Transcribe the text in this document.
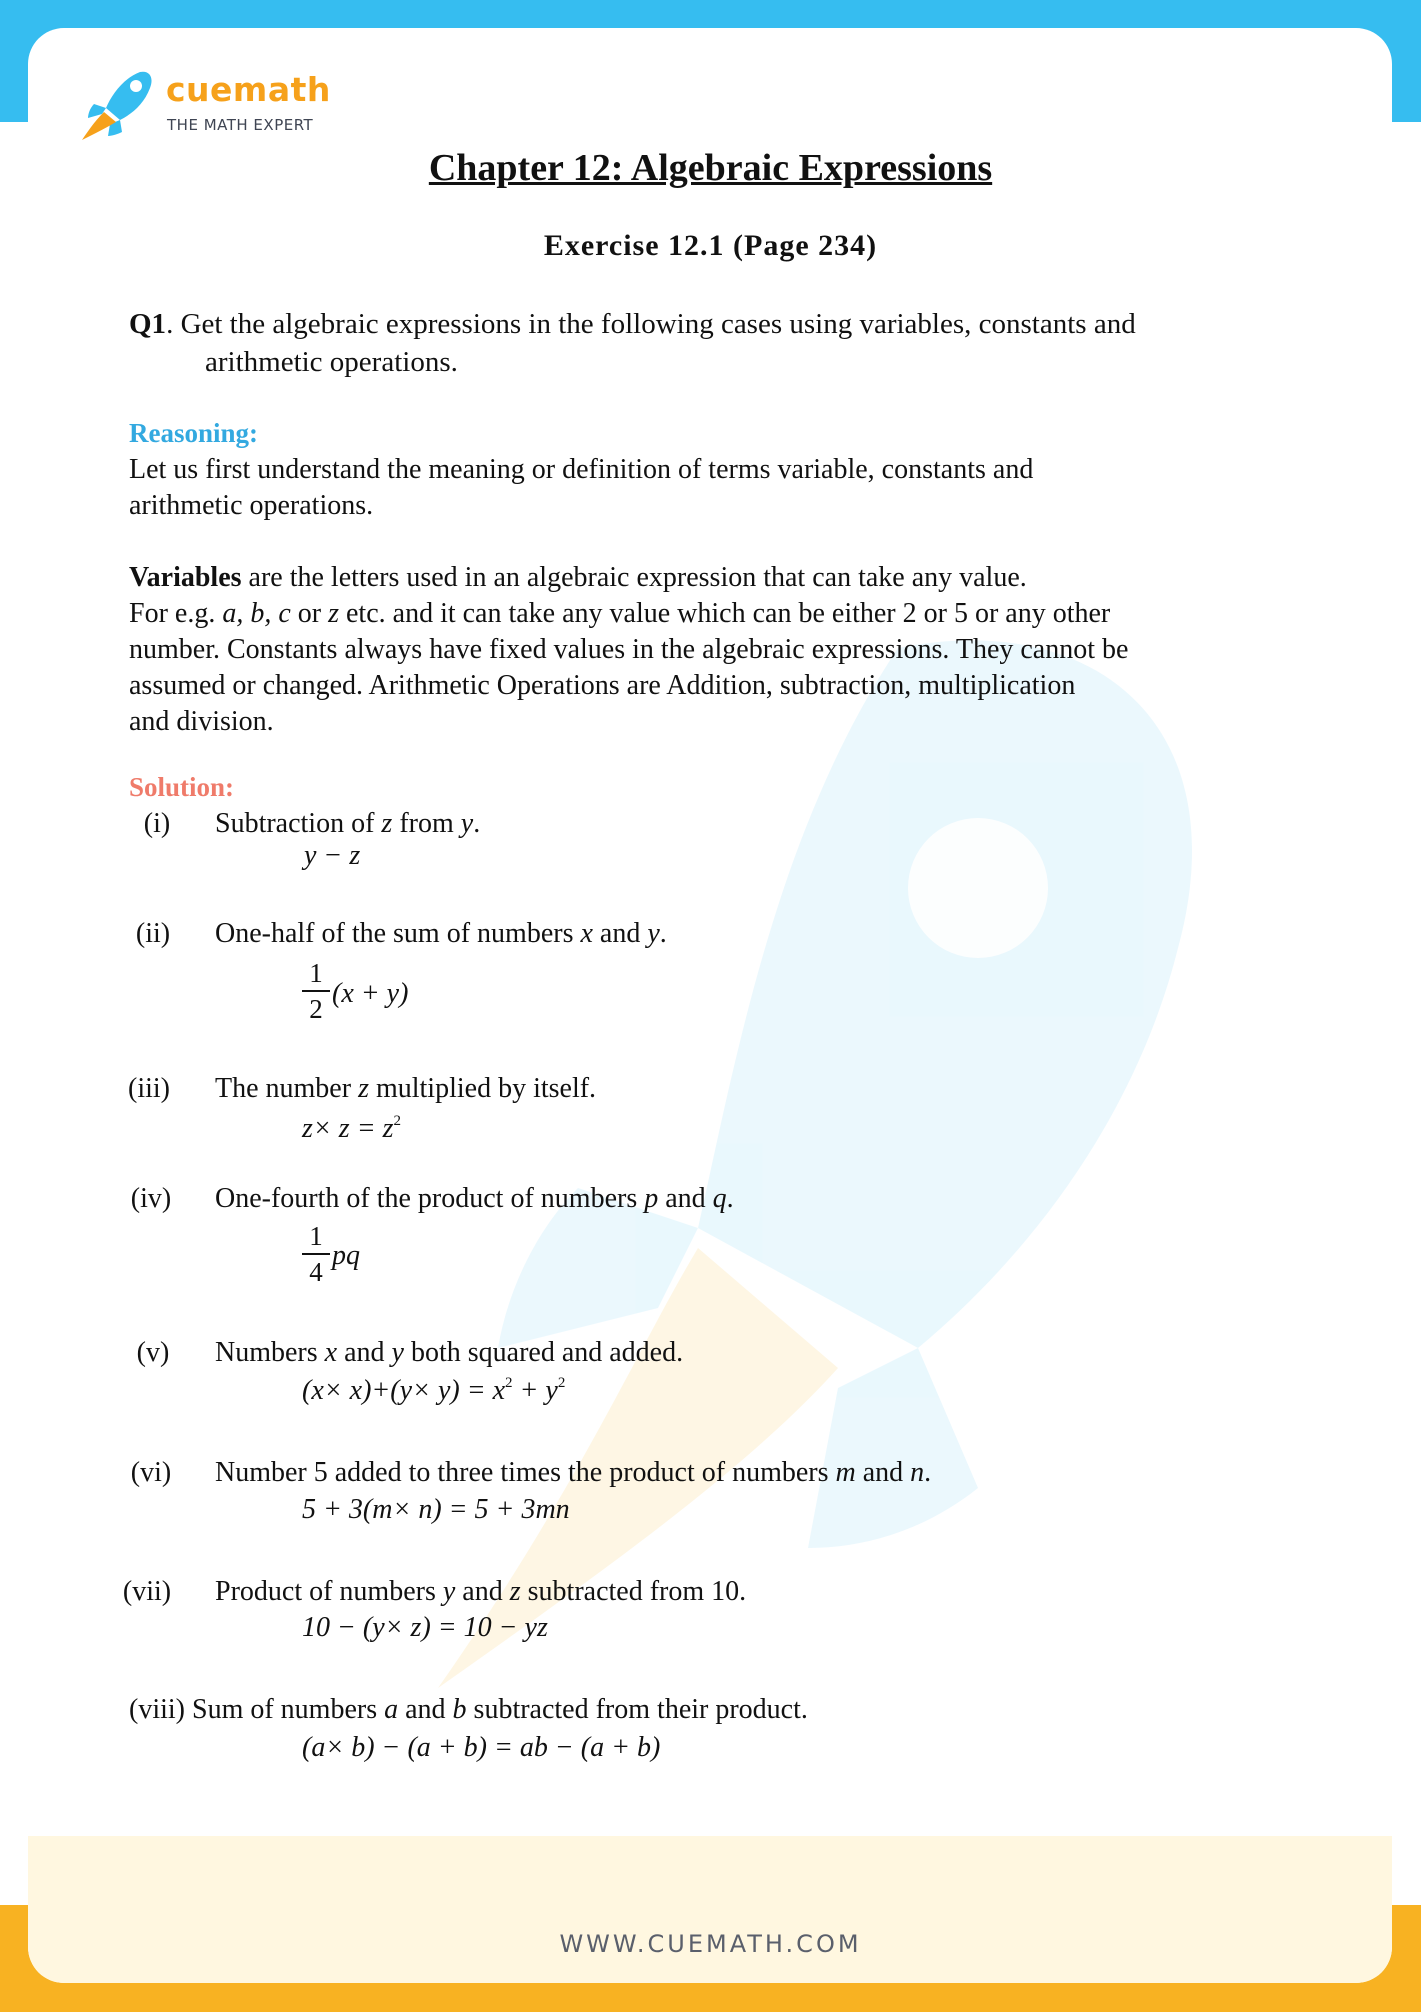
cuemath
THE MATH EXPERT
Chapter 12: Algebraic Expressions
Exercise 12.1 (Page 234)
Q1. Get the algebraic expressions in the following cases using variables, constants and
arithmetic operations.
Reasoning:

Let us first understand the meaning or definition of terms variable, constants and

arithmetic operations.

Variables are the letters used in an algebraic expression that can take any value.

For e.g. a, b, c or z etc. and it can take any value which can be either 2 or 5 or any other

number. Constants always have fixed values in the algebraic expressions. They cannot be

assumed or changed. Arithmetic Operations are Addition, subtraction, multiplication

and division.

Solution:
(i)	Subtraction of z from y.
y − z
(ii)	One-half of the sum of numbers x and y.
1
2 (x + y)
(iii)	The number z multiplied by itself.
$z\times z = z^2$
(iv)	One-fourth of the product of numbers p and q.
1
4
pq
(v)	Numbers x and y both squared and added.
$(x\times x)+(y\times y) = x^2 + y^2$
(vi)	Number 5 added to three times the product of numbers m and n.
5 + 3(m× n) = 5 + 3mn
(vii)	Product of numbers y and z subtracted from 10.
10 − (y× z) = 10 − yz
(viii) Sum of numbers a and b subtracted from their product.
(a× b) − (a + b) = ab − (a + b)
WWW.CUEMATH.COM
